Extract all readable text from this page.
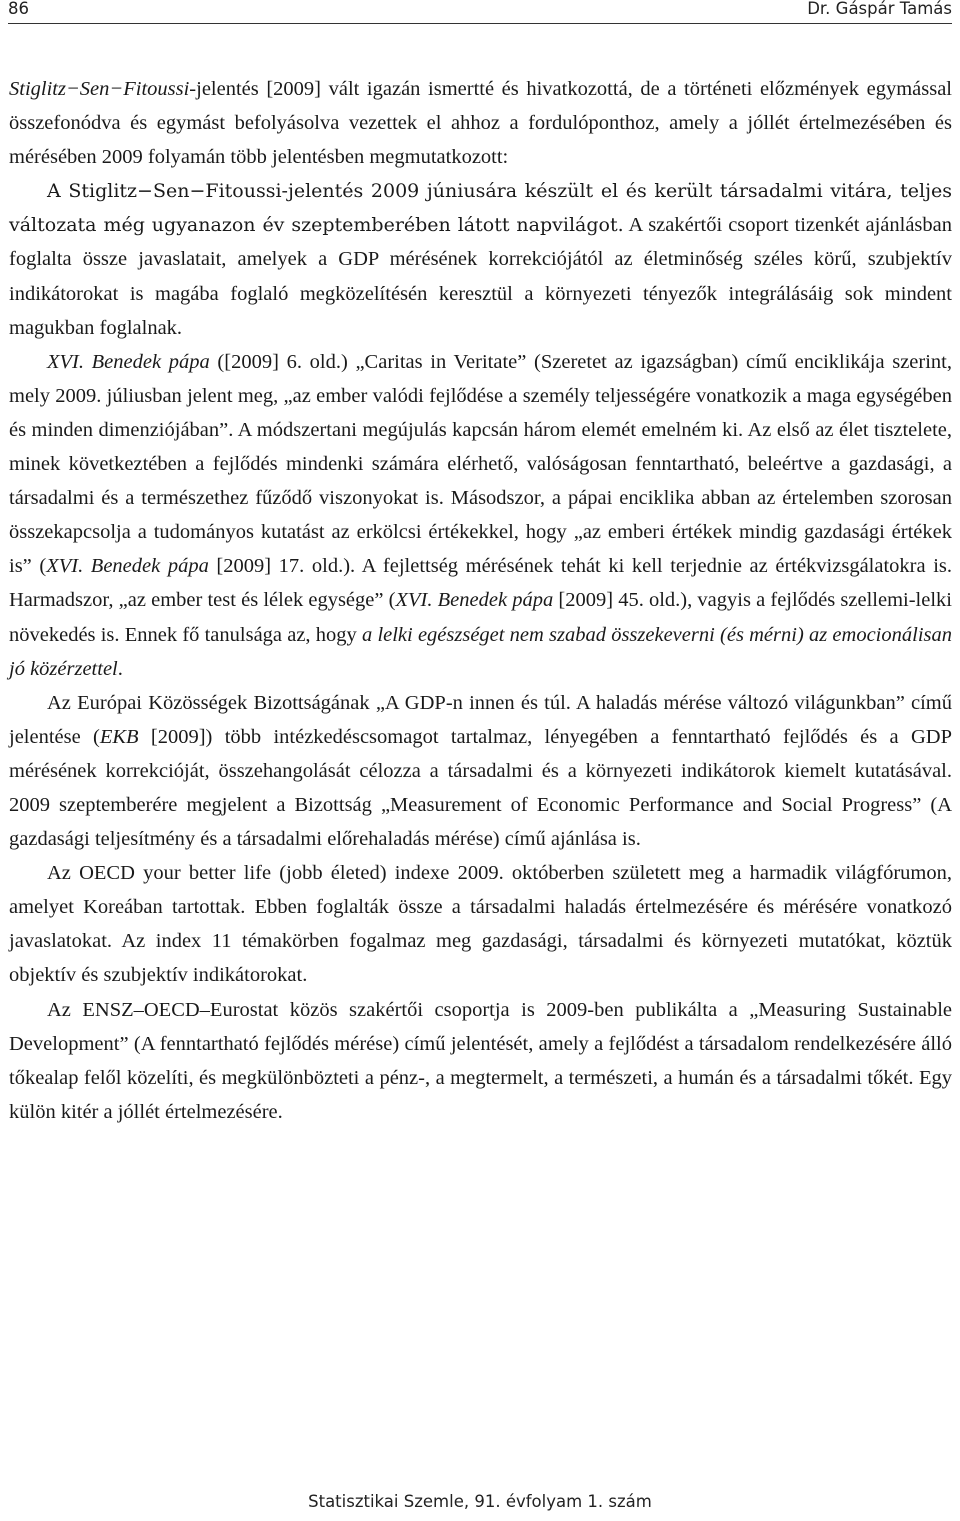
86	Dr. Gáspár Tamás

Stiglitz−Sen−Fitoussi-jelentés [2009] vált igazán ismertté és hivatkozottá, de a történeti előzmények egymással összefonódva és egymást befolyásolva vezettek el ahhoz a fordulóponthoz, amely a jóllét értelmezésében és mérésében 2009 folyamán több jelentésben megmutatkozott:

A Stiglitz−Sen−Fitoussi-jelentés 2009 júniusára készült el és került társadalmi vitára, teljes változata még ugyanazon év szeptemberében látott napvilágot. A szakértői csoport tizenkét ajánlásban foglalta össze javaslatait, amelyek a GDP mérésének korrekciójától az életminőség széles körű, szubjektív indikátorokat is magába foglaló megközelítésén keresztül a környezeti tényezők integrálásáig sok mindent magukban foglalnak.

XVI. Benedek pápa ([2009] 6. old.) „Caritas in Veritate” (Szeretet az igazságban) című enciklikája szerint, mely 2009. júliusban jelent meg, „az ember valódi fejlődése a személy teljességére vonatkozik a maga egységében és minden dimenziójában”. A módszertani megújulás kapcsán három elemét emelném ki. Az első az élet tisztelete, minek következtében a fejlődés mindenki számára elérhető, valóságosan fenntartható, beleértve a gazdasági, a társadalmi és a természethez fűződő viszonyokat is. Másodszor, a pápai enciklika abban az értelemben szorosan összekapcsolja a tudományos kutatást az erkölcsi értékekkel, hogy „az emberi értékek mindig gazdasági értékek is” (XVI. Benedek pápa [2009] 17. old.). A fejlettség mérésének tehát ki kell terjednie az értékvizsgálatokra is. Harmadszor, „az ember test és lélek egysége” (XVI. Benedek pápa [2009] 45. old.), vagyis a fejlődés szellemi-lelki növekedés is. Ennek fő tanulsága az, hogy a lelki egészséget nem szabad összekeverni (és mérni) az emocionálisan jó közérzettel.

Az Európai Közösségek Bizottságának „A GDP-n innen és túl. A haladás mérése változó világunkban” című jelentése (EKB [2009]) több intézkedéscsomagot tartalmaz, lényegében a fenntartható fejlődés és a GDP mérésének korrekcióját, összehangolását célozza a társadalmi és a környezeti indikátorok kiemelt kutatásával. 2009 szeptemberére megjelent a Bizottság „Measurement of Economic Performance and Social Progress” (A gazdasági teljesítmény és a társadalmi előrehaladás mérése) című ajánlása is.

Az OECD your better life (jobb életed) indexe 2009. októberben született meg a harmadik világfórumon, amelyet Koreában tartottak. Ebben foglalták össze a társadalmi haladás értelmezésére és mérésére vonatkozó javaslatokat. Az index 11 témakörben fogalmaz meg gazdasági, társadalmi és környezeti mutatókat, köztük objektív és szubjektív indikátorokat.

Az ENSZ–OECD–Eurostat közös szakértői csoportja is 2009-ben publikálta a „Measuring Sustainable Development” (A fenntartható fejlődés mérése) című jelentését, amely a fejlődést a társadalom rendelkezésére álló tőkealap felől közelíti, és megkülönbözteti a pénz-, a megtermelt, a természeti, a humán és a társadalmi tőkét. Egy külön kitér a jóllét értelmezésére.

Statisztikai Szemle, 91. évfolyam 1. szám
